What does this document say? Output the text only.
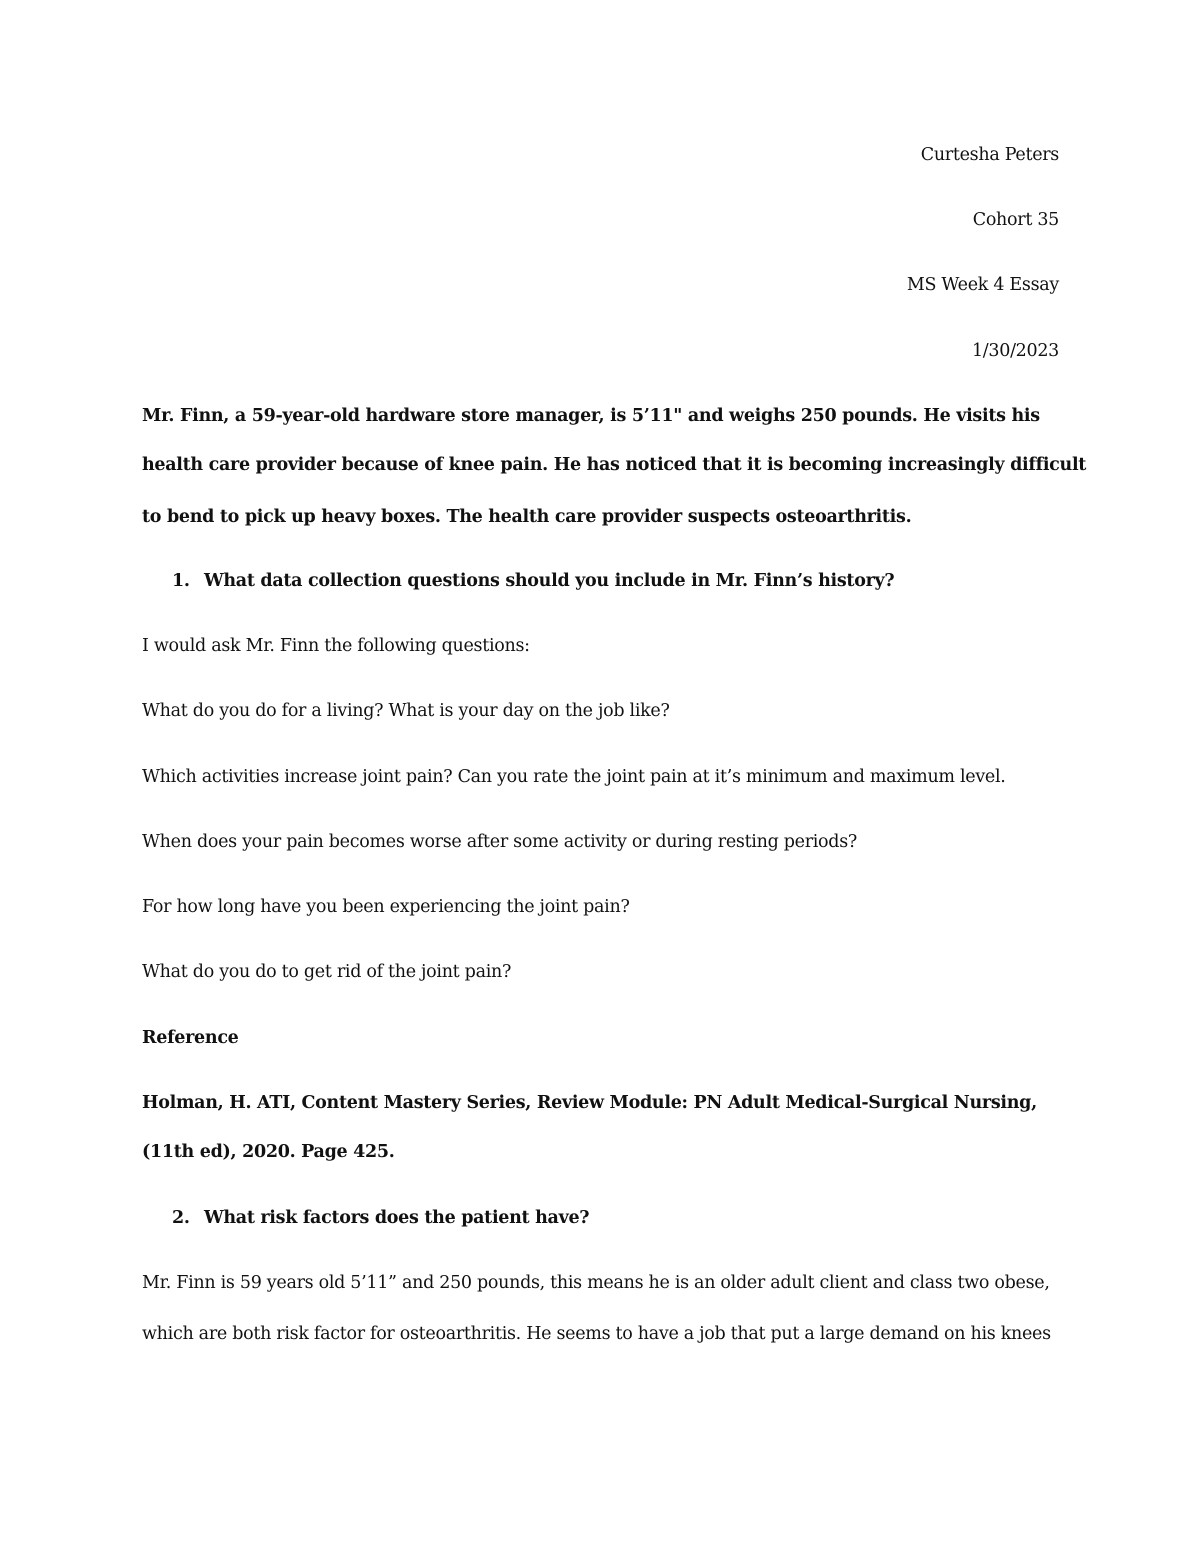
Curtesha Peters
Cohort 35
MS Week 4 Essay
1/30/2023
Mr. Finn, a 59-year-old hardware store manager, is 5’11" and weighs 250 pounds. He visits his
health care provider because of knee pain. He has noticed that it is becoming increasingly difficult
to bend to pick up heavy boxes. The health care provider suspects osteoarthritis.
1. What data collection questions should you include in Mr. Finn’s history?
I would ask Mr. Finn the following questions:
What do you do for a living? What is your day on the job like?
Which activities increase joint pain? Can you rate the joint pain at it’s minimum and maximum level.
When does your pain becomes worse after some activity or during resting periods?
For how long have you been experiencing the joint pain?
What do you do to get rid of the joint pain?
Reference
Holman, H. ATI, Content Mastery Series, Review Module: PN Adult Medical-Surgical Nursing,
(11th ed), 2020. Page 425.
2. What risk factors does the patient have?
Mr. Finn is 59 years old 5’11” and 250 pounds, this means he is an older adult client and class two obese,
which are both risk factor for osteoarthritis. He seems to have a job that put a large demand on his knees
